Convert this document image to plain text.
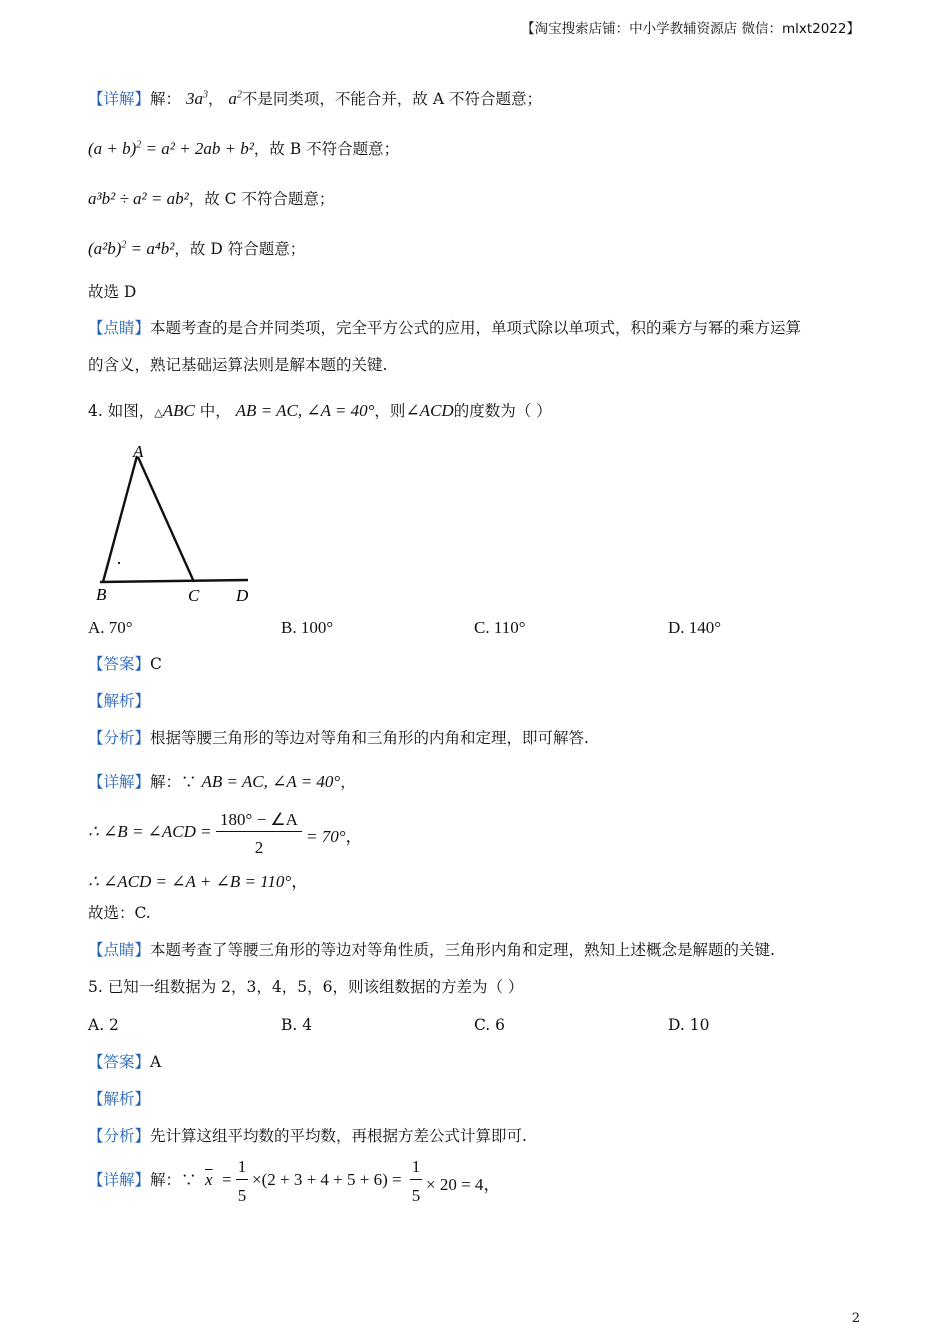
【淘宝搜索店铺：中小学教辅资源店 微信：mlxt2022】
【详解】解： $3a^3$， $a^2$不是同类项，不能合并，故 A 不符合题意；
$(a + b)^2 = a^2 + 2ab + b^2$，故 B 不符合题意；
a³b² ÷ a² = ab²，故 C 不符合题意；
$(a^2b)^2 = a^4b^2$，故 D 符合题意；
故选 D
【点睛】本题考查的是合并同类项，完全平方公式的应用，单项式除以单项式，积的乘方与幂的乘方运算
的含义，熟记基础运算法则是解本题的关键.
4. 如图，△ABC 中， AB = AC, ∠A = 40°，则∠ACD的度数为（ ）
A
B	C D
A. 70°	B. 100°	C. 110°	D. 140°
【答案】C
【解析】
【分析】根据等腰三角形的等边对等角和三角形的内角和定理，即可解答.
【详解】解：∵ AB = AC, ∠A = 40°，
∴ ∠B = ∠ACD =
180° − ∠A
2
= 70°，
∴ ∠ACD = ∠A + ∠B = 110°，
故选：C.
【点睛】本题考查了等腰三角形的等边对等角性质，三角形内角和定理，熟知上述概念是解题的关键.
5. 已知一组数据为 2，3，4，5，6，则该组数据的方差为（ ）
A. 2	B. 4	C. 6	D. 10
【答案】A
【解析】
【分析】先计算这组平均数的平均数，再根据方差公式计算即可.
【详解】解：∵ $\overline{x}$ =
1
5
×(2 + 3 + 4 + 5 + 6) =
1
5
× 20 = 4，
2
